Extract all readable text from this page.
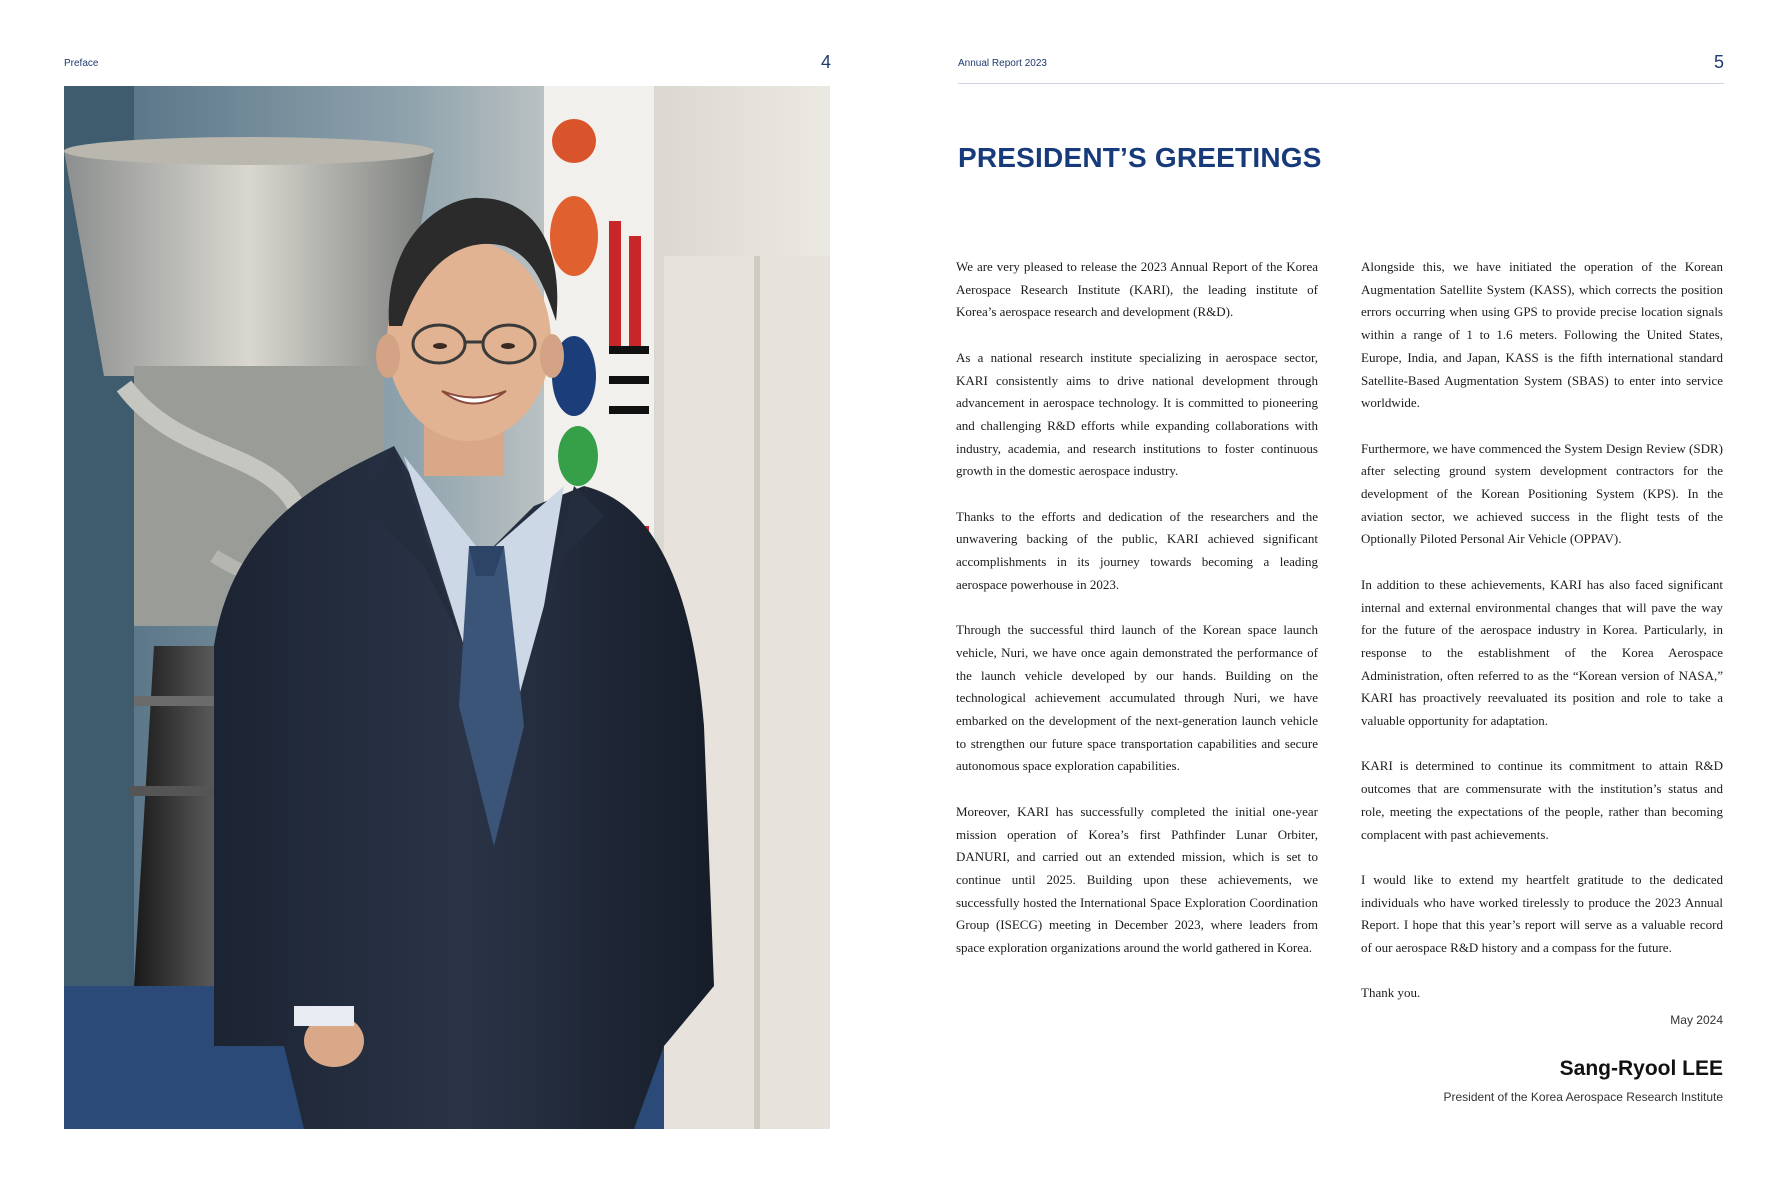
Preface	4	Annual Report 2023	5
PRESIDENT’S GREETINGS

We are very pleased to release the 2023 Annual Report of the Korea Aerospace Research Institute (KARI), the leading institute of Korea’s aerospace research and development (R&D).

As a national research institute specializing in aerospace sector, KARI consistently aims to drive national development through advancement in aerospace technology. It is committed to pioneering and challenging R&D efforts while expanding collaborations with industry, academia, and research institutions to foster continuous growth in the domestic aerospace industry.

Thanks to the efforts and dedication of the researchers and the unwavering backing of the public, KARI achieved significant accomplishments in its journey towards becoming a leading aerospace powerhouse in 2023.

Through the successful third launch of the Korean space launch vehicle, Nuri, we have once again demonstrated the performance of the launch vehicle developed by our hands. Building on the technological achievement accumulated through Nuri, we have embarked on the development of the next-generation launch vehicle to strengthen our future space transportation capabilities and secure autonomous space exploration capabilities.

Moreover, KARI has successfully completed the initial one-year mission operation of Korea’s first Pathfinder Lunar Orbiter, DANURI, and carried out an extended mission, which is set to continue until 2025. Building upon these achievements, we successfully hosted the International Space Exploration Coordination Group (ISECG) meeting in December 2023, where leaders from space exploration organizations around the world gathered in Korea.

Alongside this, we have initiated the operation of the Korean Augmentation Satellite System (KASS), which corrects the position errors occurring when using GPS to provide precise location signals within a range of 1 to 1.6 meters. Following the United States, Europe, India, and Japan, KASS is the fifth international standard Satellite-Based Augmentation System (SBAS) to enter into service worldwide.

Furthermore, we have commenced the System Design Review (SDR) after selecting ground system development contractors for the development of the Korean Positioning System (KPS). In the aviation sector, we achieved success in the flight tests of the Optionally Piloted Personal Air Vehicle (OPPAV).

In addition to these achievements, KARI has also faced significant internal and external environmental changes that will pave the way for the future of the aerospace industry in Korea. Particularly, in response to the establishment of the Korea Aerospace Administration, often referred to as the “Korean version of NASA,” KARI has proactively reevaluated its position and role to take a valuable opportunity for adaptation.

KARI is determined to continue its commitment to attain R&D outcomes that are commensurate with the institution’s status and role, meeting the expectations of the people, rather than becoming complacent with past achievements.

I would like to extend my heartfelt gratitude to the dedicated individuals who have worked tirelessly to produce the 2023 Annual Report. I hope that this year’s report will serve as a valuable record of our aerospace R&D history and a compass for the future.

Thank you.

May 2024
Sang-Ryool LEE
President of the Korea Aerospace Research Institute
